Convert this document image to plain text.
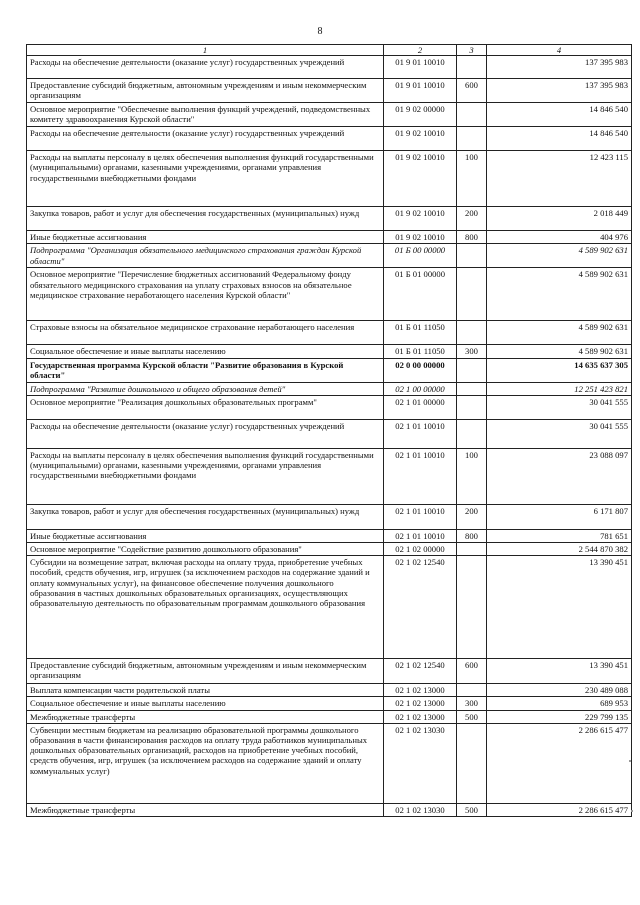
8
1	2	3	4
Расходы на обеспечение деятельности (оказание услуг) государственных учреждений	01 9 01 10010		137 395 983
Предоставление субсидий бюджетным, автономным учреждениям и иным некоммерческим организациям	01 9 01 10010	600	137 395 983
Основное мероприятие "Обеспечение выполнения функций учреждений, подведомственных комитету здравоохранения Курской области"	01 9 02 00000		14 846 540
Расходы на обеспечение деятельности (оказание услуг) государственных учреждений	01 9 02 10010		14 846 540
Расходы на выплаты персоналу в целях обеспечения выполнения функций государственными (муниципальными) органами, казенными учреждениями, органами управления государственными внебюджетными фондами	01 9 02 10010	100	12 423 115
Закупка товаров, работ и услуг для обеспечения государственных (муниципальных) нужд	01 9 02 10010	200	2 018 449
Иные бюджетные ассигнования	01 9 02 10010	800	404 976
Подпрограмма "Организация обязательного медицинского страхования граждан Курской области"	01 Б 00 00000		4 589 902 631
Основное мероприятие "Перечисление бюджетных ассигнований Федеральному фонду обязательного медицинского страхования на уплату страховых взносов на обязательное медицинское страхование неработающего населения Курской области"	01 Б 01 00000		4 589 902 631
Страховые взносы на обязательное медицинское страхование неработающего населения	01 Б 01 11050		4 589 902 631
Социальное обеспечение и иные выплаты населению	01 Б 01 11050	300	4 589 902 631
Государственная программа Курской области "Развитие образования в Курской области"	02 0 00 00000		14 635 637 305
Подпрограмма "Развитие дошкольного и общего образования детей"	02 1 00 00000		12 251 423 821
Основное мероприятие "Реализация дошкольных образовательных программ"	02 1 01 00000		30 041 555
Расходы на обеспечение деятельности (оказание услуг) государственных учреждений	02 1 01 10010		30 041 555
Расходы на выплаты персоналу в целях обеспечения выполнения функций государственными (муниципальными) органами, казенными учреждениями, органами управления государственными внебюджетными фондами	02 1 01 10010	100	23 088 097
Закупка товаров, работ и услуг для обеспечения государственных (муниципальных) нужд	02 1 01 10010	200	6 171 807
Иные бюджетные ассигнования	02 1 01 10010	800	781 651
Основное мероприятие "Содействие развитию дошкольного образования"	02 1 02 00000		2 544 870 382
Субсидии на возмещение затрат, включая расходы на оплату труда, приобретение учебных пособий, средств обучения, игр, игрушек (за исключением расходов на содержание зданий и оплату коммунальных услуг), на финансовое обеспечение получения дошкольного образования в частных дошкольных образовательных организациях, осуществляющих образовательную деятельность по образовательным программам дошкольного образования	02 1 02 12540		13 390 451
Предоставление субсидий бюджетным, автономным учреждениям и иным некоммерческим организациям	02 1 02 12540	600	13 390 451
Выплата компенсации части родительской платы	02 1 02 13000		230 489 088
Социальное обеспечение и иные выплаты населению	02 1 02 13000	300	689 953
Межбюджетные трансферты	02 1 02 13000	500	229 799 135
Субвенции местным бюджетам на реализацию образовательной программы дошкольного образования в части финансирования расходов на оплату труда работников муниципальных дошкольных образовательных организаций, расходов на приобретение учебных пособий, средств обучения, игр, игрушек (за исключением расходов на содержание зданий и оплату коммунальных услуг)	02 1 02 13030		2 286 615 477
Межбюджетные трансферты	02 1 02 13030	500	2 286 615 477
